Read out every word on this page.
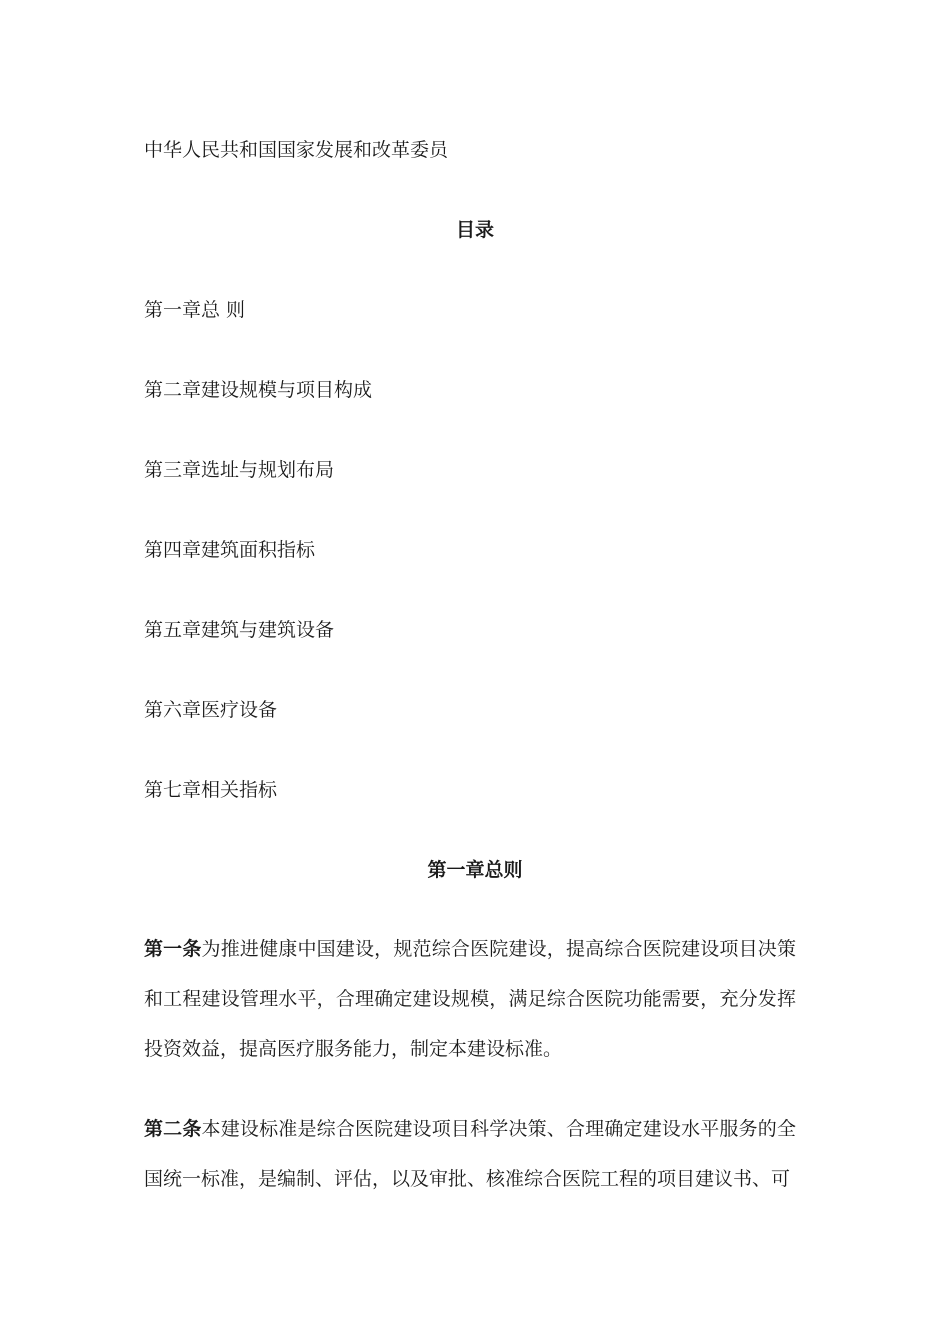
中华人民共和国国家发展和改革委员
目录
第一章总 则
第二章建设规模与项目构成
第三章选址与规划布局
第四章建筑面积指标
第五章建筑与建筑设备
第六章医疗设备
第七章相关指标
第一章总则
第一条为推进健康中国建设，规范综合医院建设，提高综合医院建设项目决策和工程建设管理水平，合理确定建设规模，满足综合医院功能需要，充分发挥投资效益，提高医疗服务能力，制定本建设标准。
第二条本建设标准是综合医院建设项目科学决策、合理确定建设水平服务的全国统一标准，是编制、评估，以及审批、核准综合医院工程的项目建议书、可
